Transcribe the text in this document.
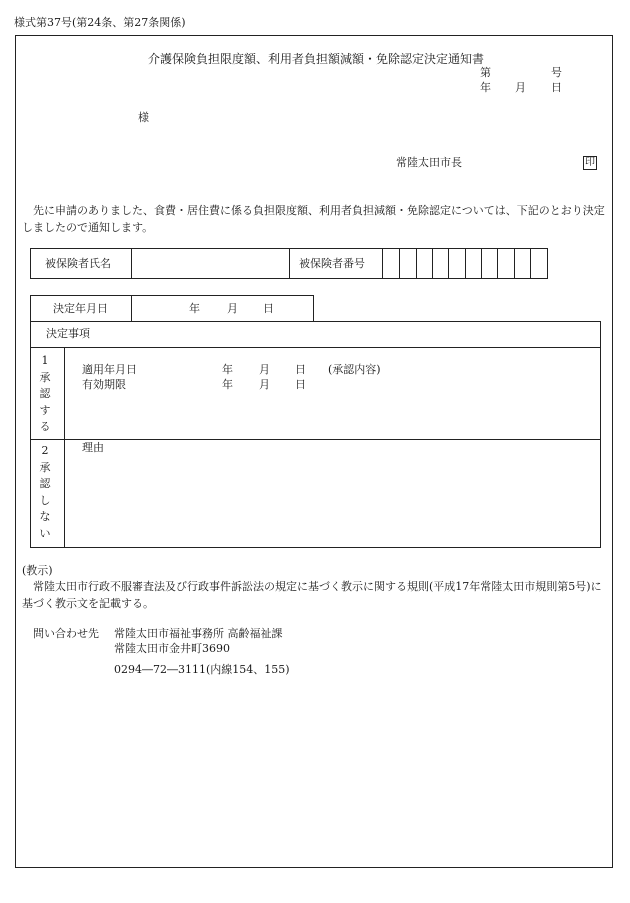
様式第37号(第24条、第27条関係)
介護保険負担限度額、利用者負担額減額・免除認定決定通知書
第	号
年 月 日
様
常陸太田市長	印
先に申請のありました、食費・居住費に係る負担限度額、利用者負担減額・免除認定については、下記のとおり決定しましたので通知します。
被保険者氏名	被保険者番号
決定年月日	年 月 日
決定事項
1承認する
適用年月日	年 月 日 (承認内容)
有効期限	年 月 日
2承認しない
理由
(教示)
常陸太田市行政不服審査法及び行政事件訴訟法の規定に基づく教示に関する規則(平成17年常陸太田市規則第5号)に基づく教示文を記載する。
問い合わせ先 常陸太田市福祉事務所 高齢福祉課
常陸太田市金井町3690
0294―72―3111(内線154、155)
